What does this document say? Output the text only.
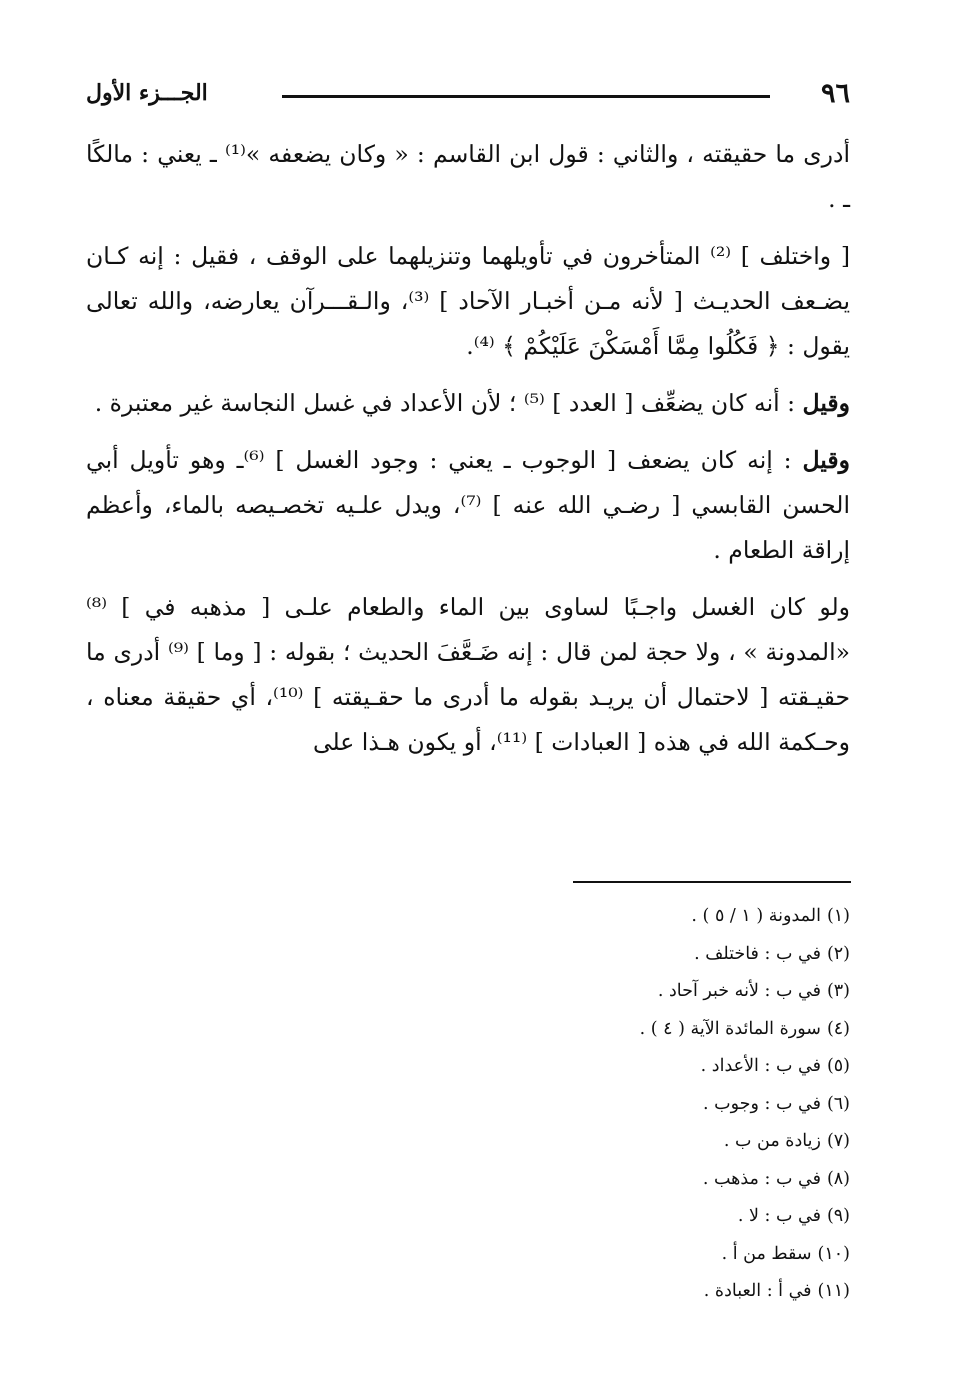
٩٦
الجـــزء الأول

أدرى ما حقيقته ، والثاني : قول ابن القاسم : « وكان يضعفه »⁽¹⁾ ـ يعني : مالكًا ـ .

[ واختلف ] ⁽²⁾ المتأخرون في تأويلهما وتنزيلهما على الوقف ، فقيل : إنه كـان يضـعف الحديـث [ لأنه مـن أخبـار الآحاد ] ⁽³⁾، والـقـــرآن يعارضه، والله تعالى يقول : ﴿ فَكُلُوا مِمَّا أَمْسَكْنَ عَلَيْكُمْ ﴾ ⁽⁴⁾.

وقيل : أنه كان يضعِّف [ العدد ] ⁽⁵⁾ ؛ لأن الأعداد في غسل النجاسة غير معتبرة .

وقيل : إنه كان يضعف [ الوجوب ـ يعني : وجود الغسل ] ⁽⁶⁾ـ وهو تأويل أبي الحسن القابسي [ رضـي الله عنه ] ⁽⁷⁾، ويدل علـيه تخصـيصه بالماء، وأعظم إراقة الطعام .

ولو كان الغسل واجـبًا لساوى بين الماء والطعام علـى [ مذهبه في ] ⁽⁸⁾ «المدونة » ، ولا حجة لمن قال : إنه ضَـعَّفَ الحديث ؛ بقوله : [ وما ] ⁽⁹⁾ أدرى ما حقيـقته [ لاحتمال أن يريـد بقوله ما أدرى ما حقـيقته ] ⁽¹⁰⁾، أي حقيقة معناه ، وحـكمة الله في هذه [ العبادات ] ⁽¹¹⁾، أو يكون هـذا على

(١)المدونة ( ١ / ٥ ) .
(٢)في ب : فاختلف .
(٣)في ب : لأنه خبر آحاد .
(٤)سورة المائدة الآية ( ٤ ) .
(٥)في ب : الأعداد .
(٦)في ب : وجوب .
(٧)زيادة من ب .
(٨)في ب : مذهب .
(٩)في ب : لا .
(١٠)سقط من أ .
(١١)في أ : العبادة .
